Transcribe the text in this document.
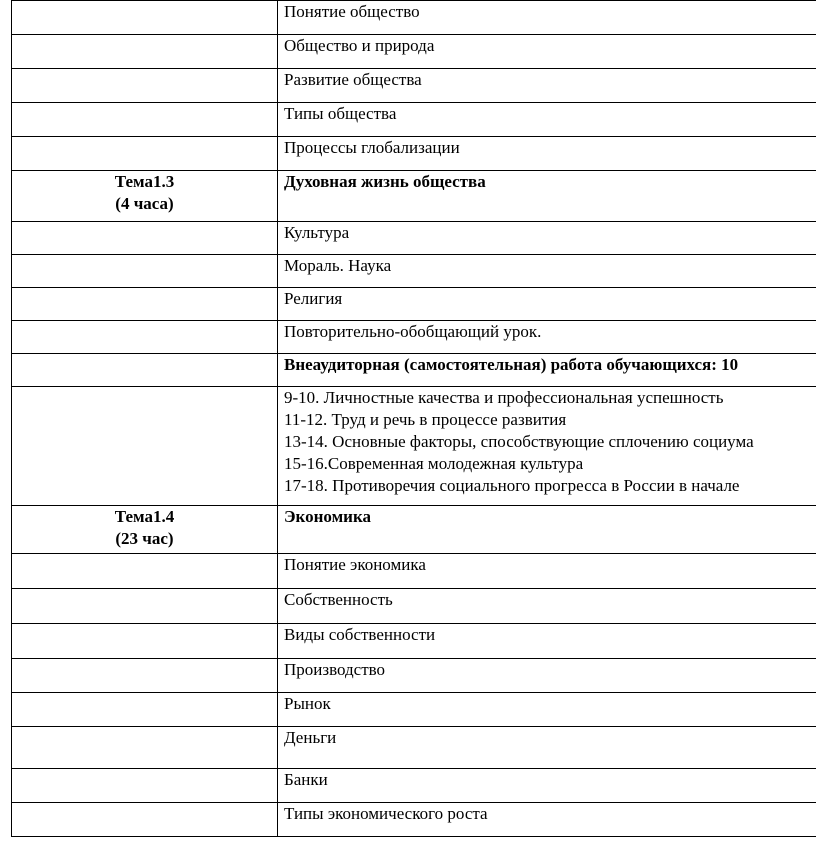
	Понятие общество
	Общество и природа
	Развитие общества
	Типы общества
	Процессы глобализации

Тема1.3
(4 часа)	Духовная жизнь общества
	Культура
	Мораль. Наука
	Религия
	Повторительно-обобщающий урок.
	Внеаудиторная (самостоятельная) работа обучающихся: 10

	9-10. Личностные качества и профессиональная успешность
11-12. Труд и речь в процессе развития
13-14. Основные факторы, способствующие сплочению социума
15-16.Современная молодежная культура
17-18. Противоречия социального прогресса в России в начале

Тема1.4
(23 час)	Экономика
	Понятие экономика
	Собственность
	Виды собственности
	Производство
	Рынок
	Деньги
	Банки
	Типы экономического роста
